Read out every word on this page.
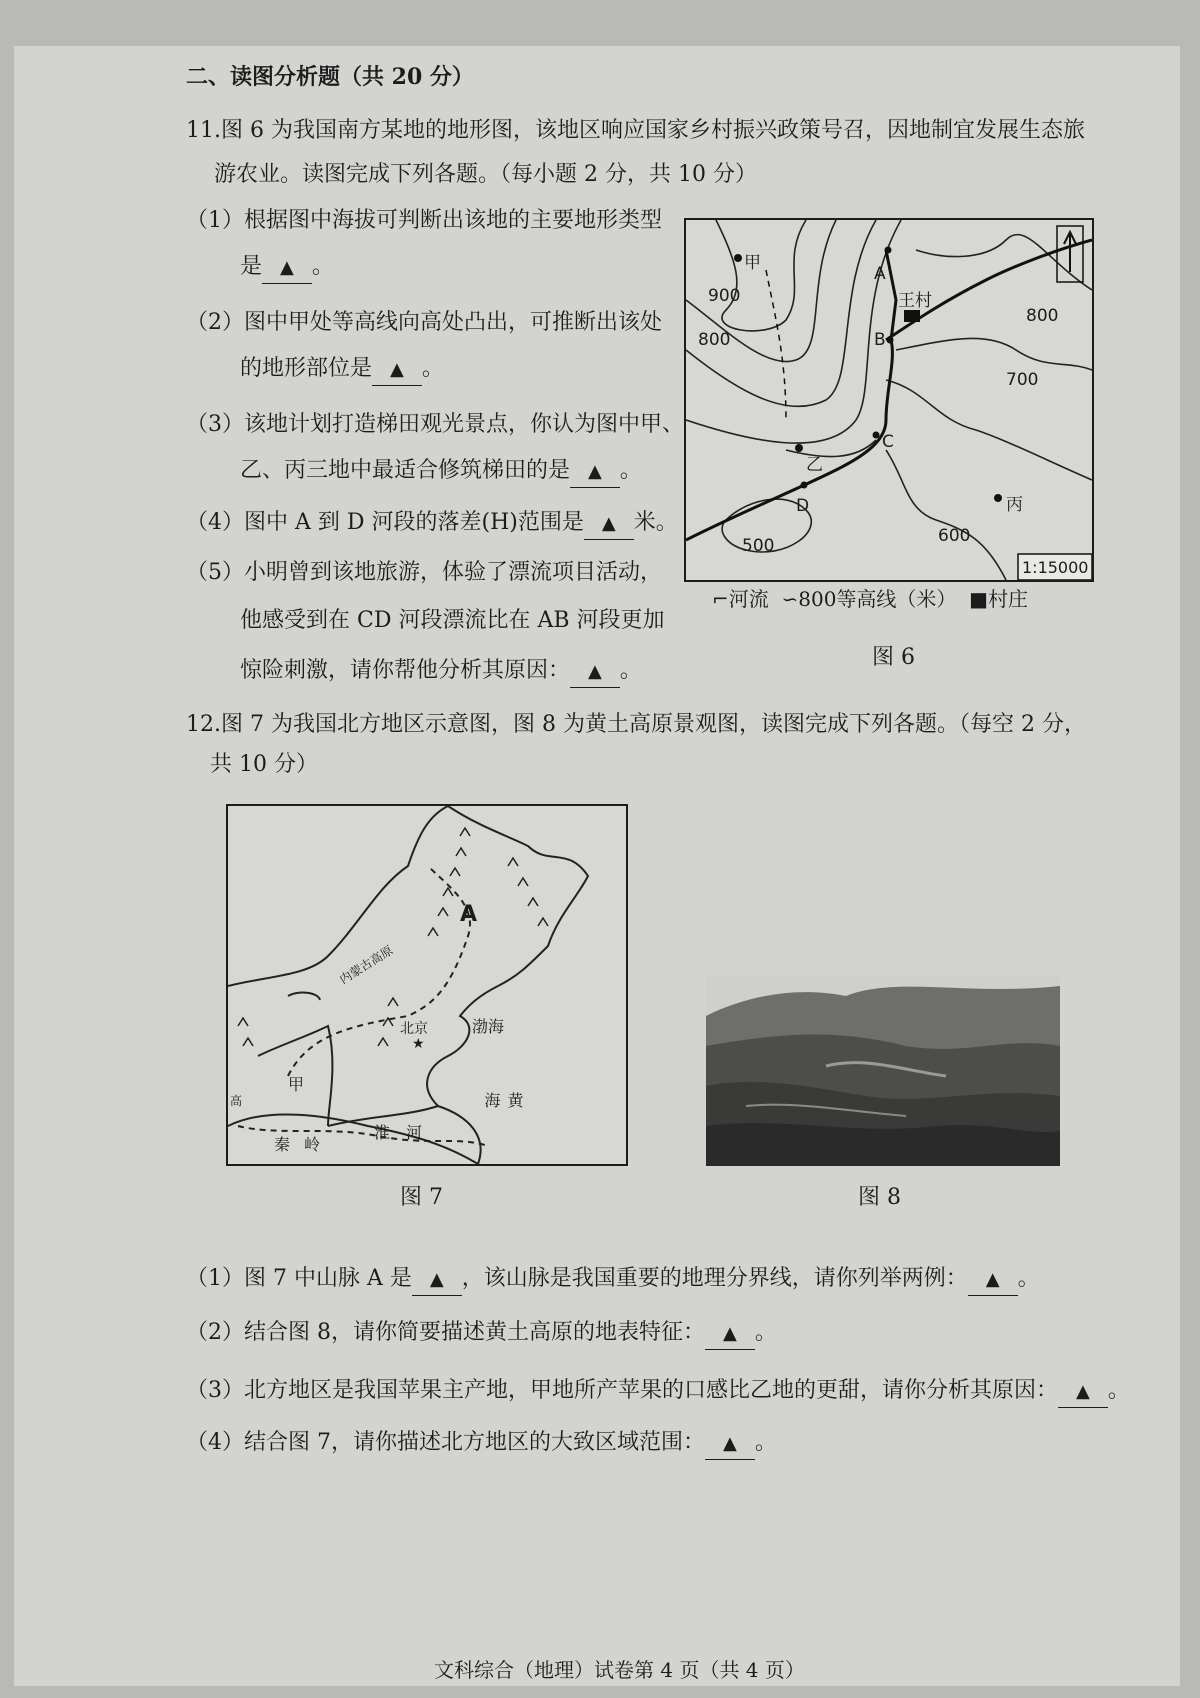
二、读图分析题（共 20 分）
11.图 6 为我国南方某地的地形图，该地区响应国家乡村振兴政策号召，因地制宜发展生态旅
游农业。读图完成下列各题。（每小题 2 分，共 10 分）
（1）根据图中海拔可判断出该地的主要地形类型
是 ▲ 。
（2）图中甲处等高线向高处凸出，可推断出该处
的地形部位是 ▲ 。
（3）该地计划打造梯田观光景点，你认为图中甲、
乙、丙三地中最适合修筑梯田的是 ▲ 。
（4）图中 A 到 D 河段的落差(H)范围是 ▲ 米。
（5）小明曾到该地旅游，体验了漂流项目活动，
他感受到在 CD 河段漂流比在 AB 河段更加
惊险刺激，请你帮他分析其原因： ▲ 。
甲
900
800
A
王村
B
800
700
C
乙
D	丙
600
500
1:15000
⌐河流 ∽800等高线（米） ■村庄
图 6
12.图 7 为我国北方地区示意图，图 8 为黄土高原景观图，读图完成下列各题。（每空 2 分，
共 10 分）
A
内蒙古高原
北京
★
渤海
甲
高
秦岭
淮河
黄海
图 7	图 8
（1）图 7 中山脉 A 是 ▲ ，该山脉是我国重要的地理分界线，请你列举两例： ▲ 。
（2）结合图 8，请你简要描述黄土高原的地表特征： ▲ 。
（3）北方地区是我国苹果主产地，甲地所产苹果的口感比乙地的更甜，请你分析其原因： ▲ 。
（4）结合图 7，请你描述北方地区的大致区域范围： ▲ 。
文科综合（地理）试卷第 4 页（共 4 页）
